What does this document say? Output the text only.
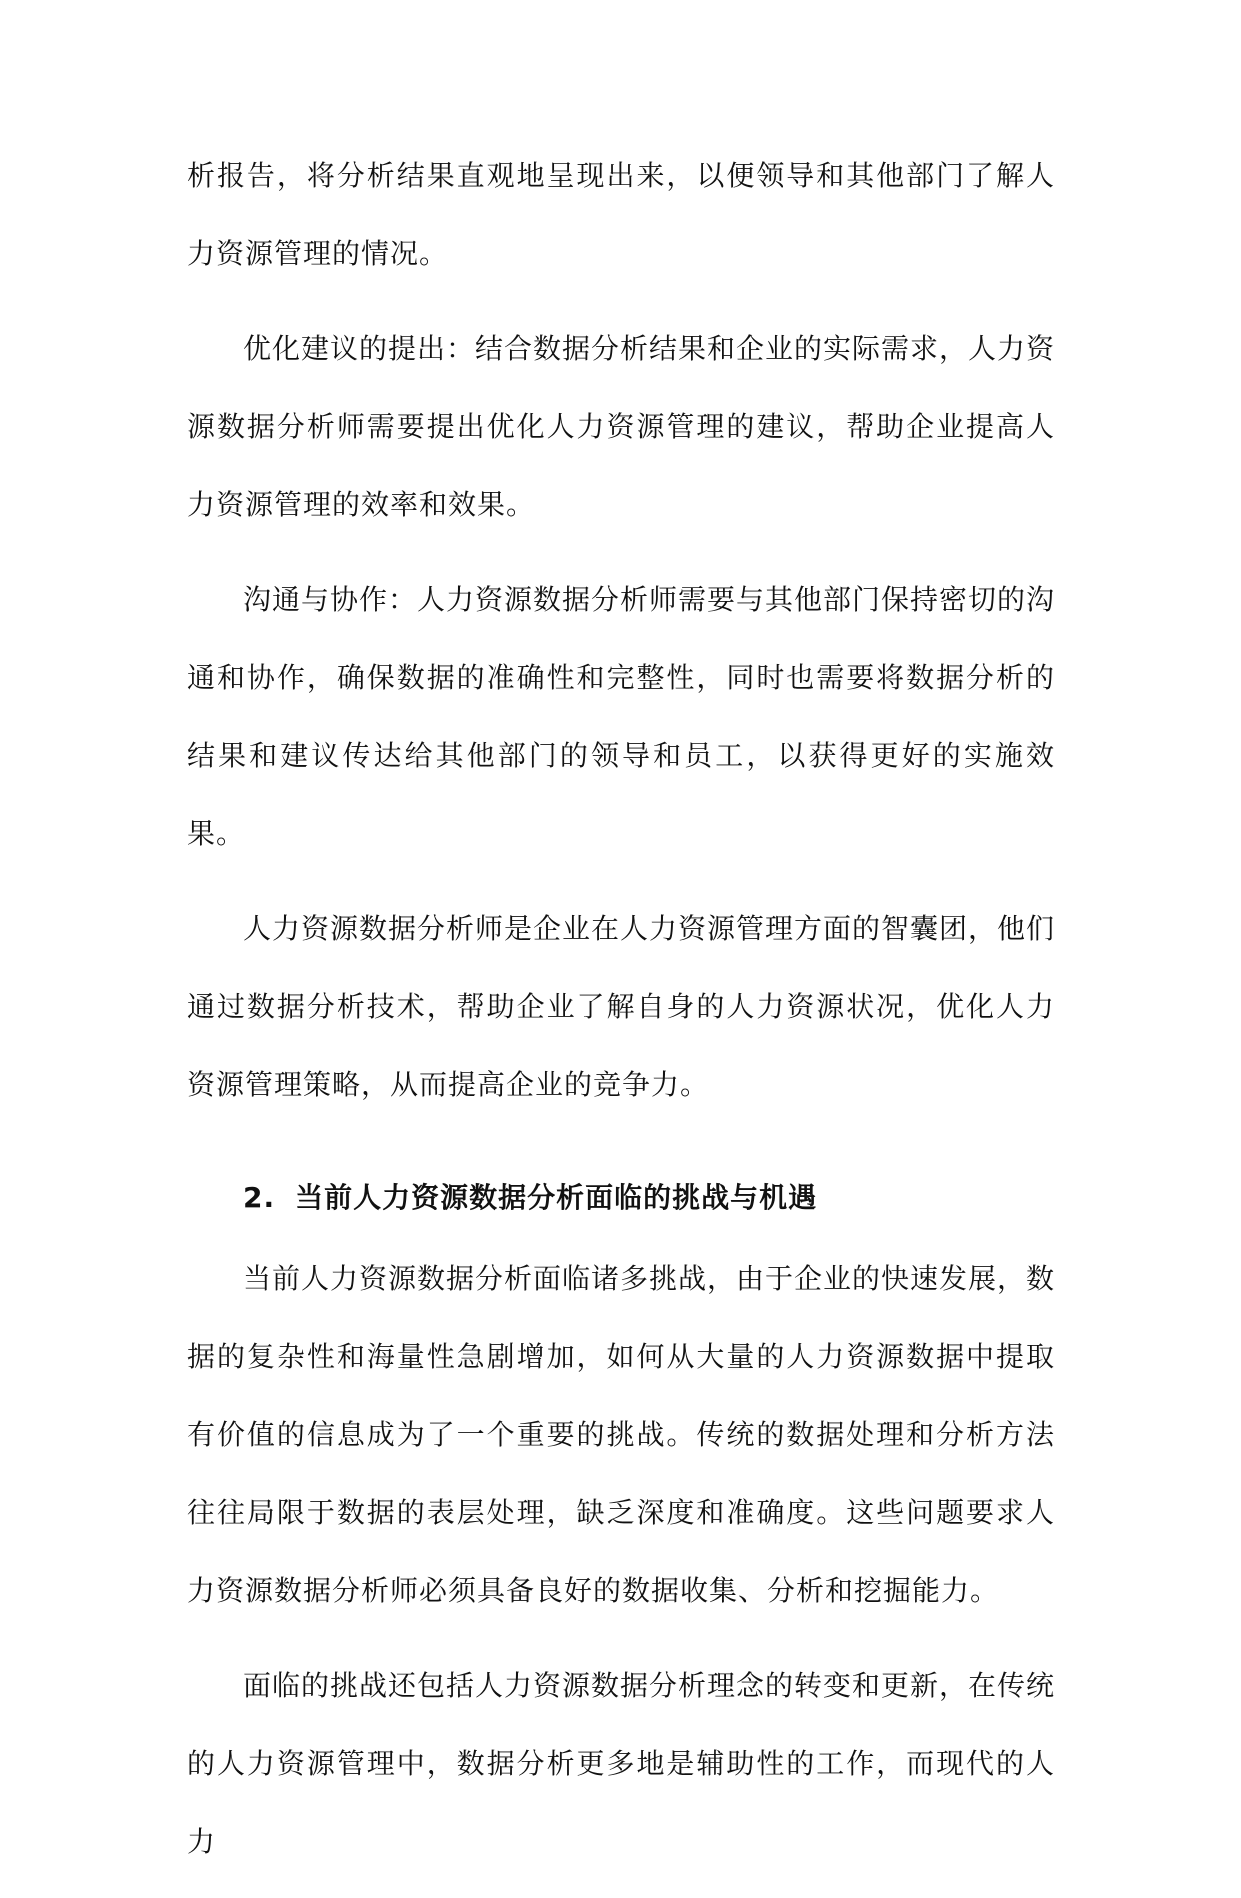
析报告，将分析结果直观地呈现出来，以便领导和其他部门了解人力资源管理的情况。

优化建议的提出：结合数据分析结果和企业的实际需求，人力资源数据分析师需要提出优化人力资源管理的建议，帮助企业提高人力资源管理的效率和效果。

沟通与协作：人力资源数据分析师需要与其他部门保持密切的沟通和协作，确保数据的准确性和完整性，同时也需要将数据分析的结果和建议传达给其他部门的领导和员工，以获得更好的实施效果。

人力资源数据分析师是企业在人力资源管理方面的智囊团，他们通过数据分析技术，帮助企业了解自身的人力资源状况，优化人力资源管理策略，从而提高企业的竞争力。

2. 当前人力资源数据分析面临的挑战与机遇

当前人力资源数据分析面临诸多挑战，由于企业的快速发展，数据的复杂性和海量性急剧增加，如何从大量的人力资源数据中提取有价值的信息成为了一个重要的挑战。传统的数据处理和分析方法往往局限于数据的表层处理，缺乏深度和准确度。这些问题要求人力资源数据分析师必须具备良好的数据收集、分析和挖掘能力。

面临的挑战还包括人力资源数据分析理念的转变和更新，在传统的人力资源管理中，数据分析更多地是辅助性的工作，而现代的人力
